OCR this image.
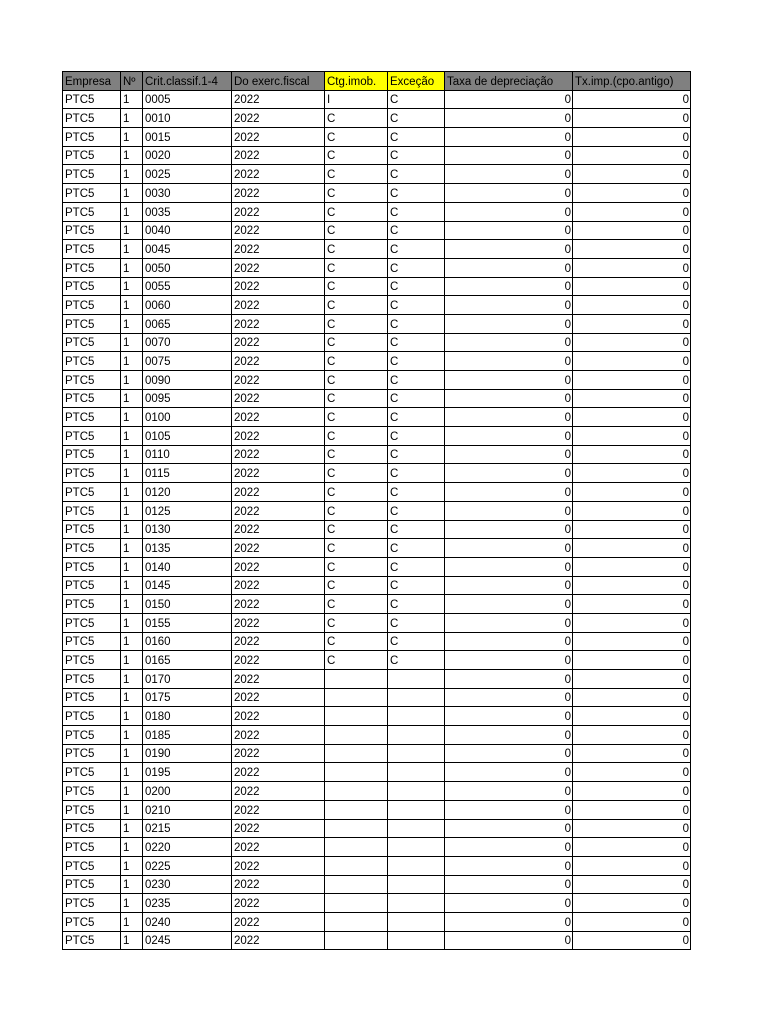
Empresa	Nº	Crit.classif.1-4	Do exerc.fiscal	Ctg.imob.	Exceção	Taxa de depreciação	Tx.imp.(cpo.antigo)
PTC5	1	0005	2022	I	C	0	0
PTC5	1	0010	2022	C	C	0	0
PTC5	1	0015	2022	C	C	0	0
PTC5	1	0020	2022	C	C	0	0
PTC5	1	0025	2022	C	C	0	0
PTC5	1	0030	2022	C	C	0	0
PTC5	1	0035	2022	C	C	0	0
PTC5	1	0040	2022	C	C	0	0
PTC5	1	0045	2022	C	C	0	0
PTC5	1	0050	2022	C	C	0	0
PTC5	1	0055	2022	C	C	0	0
PTC5	1	0060	2022	C	C	0	0
PTC5	1	0065	2022	C	C	0	0
PTC5	1	0070	2022	C	C	0	0
PTC5	1	0075	2022	C	C	0	0
PTC5	1	0090	2022	C	C	0	0
PTC5	1	0095	2022	C	C	0	0
PTC5	1	0100	2022	C	C	0	0
PTC5	1	0105	2022	C	C	0	0
PTC5	1	0110	2022	C	C	0	0
PTC5	1	0115	2022	C	C	0	0
PTC5	1	0120	2022	C	C	0	0
PTC5	1	0125	2022	C	C	0	0
PTC5	1	0130	2022	C	C	0	0
PTC5	1	0135	2022	C	C	0	0
PTC5	1	0140	2022	C	C	0	0
PTC5	1	0145	2022	C	C	0	0
PTC5	1	0150	2022	C	C	0	0
PTC5	1	0155	2022	C	C	0	0
PTC5	1	0160	2022	C	C	0	0
PTC5	1	0165	2022	C	C	0	0
PTC5	1	0170	2022			0	0
PTC5	1	0175	2022			0	0
PTC5	1	0180	2022			0	0
PTC5	1	0185	2022			0	0
PTC5	1	0190	2022			0	0
PTC5	1	0195	2022			0	0
PTC5	1	0200	2022			0	0
PTC5	1	0210	2022			0	0
PTC5	1	0215	2022			0	0
PTC5	1	0220	2022			0	0
PTC5	1	0225	2022			0	0
PTC5	1	0230	2022			0	0
PTC5	1	0235	2022			0	0
PTC5	1	0240	2022			0	0
PTC5	1	0245	2022			0	0
